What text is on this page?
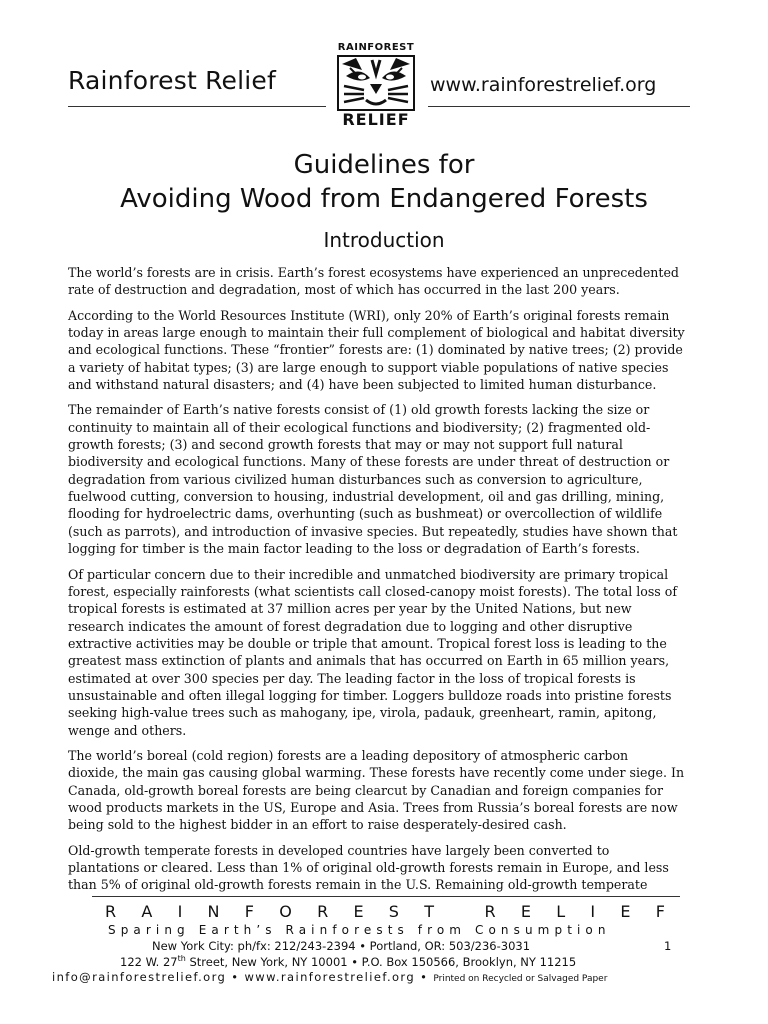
Rainforest Relief
RAINFOREST
RELIEF
www.rainforestrelief.org
Guidelines for
Avoiding Wood from Endangered Forests
Introduction

The world’s forests are in crisis. Earth’s forest ecosystems have experienced an unprecedented
rate of destruction and degradation, most of which has occurred in the last 200 years.

According to the World Resources Institute (WRI), only 20% of Earth’s original forests remain
today in areas large enough to maintain their full complement of biological and habitat diversity
and ecological functions. These “frontier” forests are: (1) dominated by native trees; (2) provide
a variety of habitat types; (3) are large enough to support viable populations of native species
and withstand natural disasters; and (4) have been subjected to limited human disturbance.

The remainder of Earth’s native forests consist of (1) old growth forests lacking the size or
continuity to maintain all of their ecological functions and biodiversity; (2) fragmented old-
growth forests; (3) and second growth forests that may or may not support full natural
biodiversity and ecological functions. Many of these forests are under threat of destruction or
degradation from various civilized human disturbances such as conversion to agriculture,
fuelwood cutting, conversion to housing, industrial development, oil and gas drilling, mining,
flooding for hydroelectric dams, overhunting (such as bushmeat) or overcollection of wildlife
(such as parrots), and introduction of invasive species. But repeatedly, studies have shown that
logging for timber is the main factor leading to the loss or degradation of Earth’s forests.

Of particular concern due to their incredible and unmatched biodiversity are primary tropical
forest, especially rainforests (what scientists call closed-canopy moist forests). The total loss of
tropical forests is estimated at 37 million acres per year by the United Nations, but new
research indicates the amount of forest degradation due to logging and other disruptive
extractive activities may be double or triple that amount. Tropical forest loss is leading to the
greatest mass extinction of plants and animals that has occurred on Earth in 65 million years,
estimated at over 300 species per day. The leading factor in the loss of tropical forests is
unsustainable and often illegal logging for timber. Loggers bulldoze roads into pristine forests
seeking high-value trees such as mahogany, ipe, virola, padauk, greenheart, ramin, apitong,
wenge and others.

The world’s boreal (cold region) forests are a leading depository of atmospheric carbon
dioxide, the main gas causing global warming. These forests have recently come under siege. In
Canada, old-growth boreal forests are being clearcut by Canadian and foreign companies for
wood products markets in the US, Europe and Asia. Trees from Russia’s boreal forests are now
being sold to the highest bidder in an effort to raise desperately-desired cash.

Old-growth temperate forests in developed countries have largely been converted to
plantations or cleared. Less than 1% of original old-growth forests remain in Europe, and less
than 5% of original old-growth forests remain in the U.S. Remaining old-growth temperate

R A I N F O R E S T	R E L I E F
Sparing Earth’s Rainforests from Consumption
New York City: ph/fx: 212/243-2394 • Portland, OR: 503/236-3031	1
122 W. 27th Street, New York, NY 10001 • P.O. Box 150566, Brooklyn, NY 11215
info@rainforestrelief.org • www.rainforestrelief.org • Printed on Recycled or Salvaged Paper
